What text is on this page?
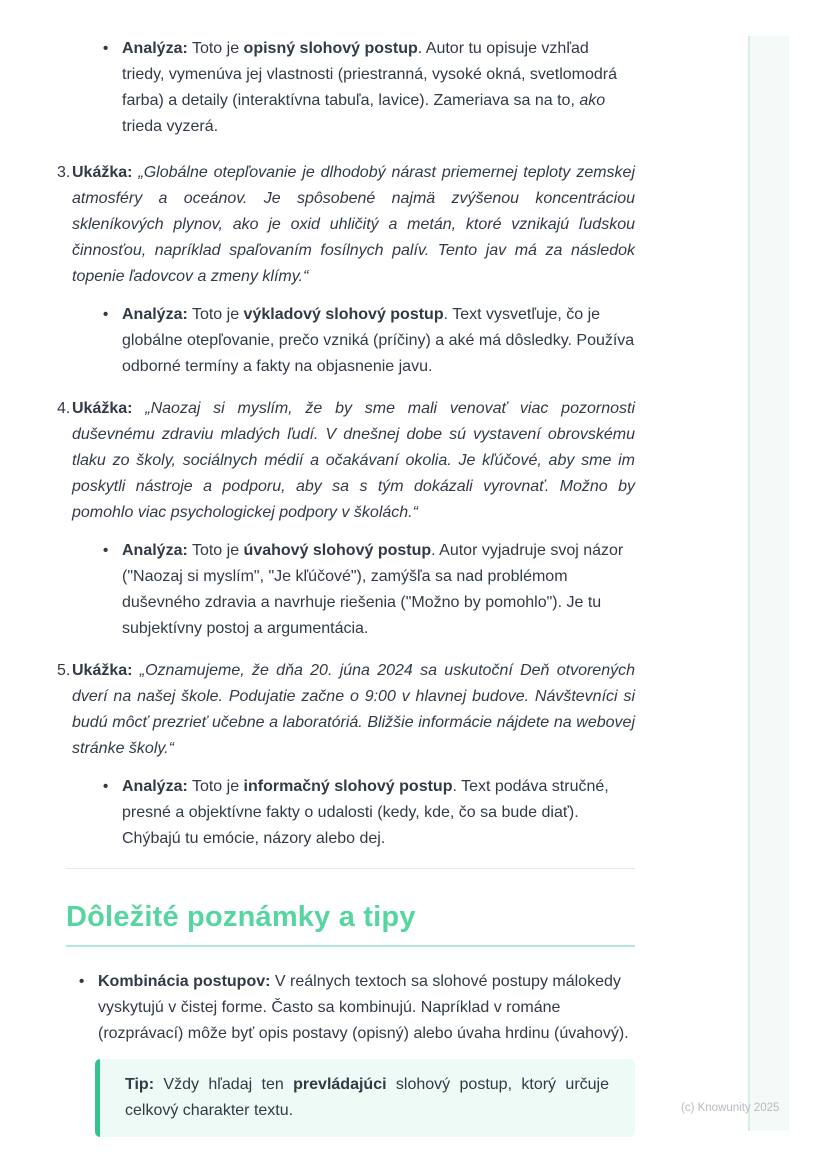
(c) Knowunity 2025
• Analýza: Toto je opisný slohový postup. Autor tu opisuje vzhľad triedy, vymenúva jej vlastnosti (priestranná, vysoké okná, svetlomodrá farba) a detaily (interaktívna tabuľa, lavice). Zameriava sa na to, ako trieda vyzerá.

3. Ukážka: „Globálne otepľovanie je dlhodobý nárast priemernej teploty zemskej atmosféry a oceánov. Je spôsobené najmä zvýšenou koncentráciou skleníkových plynov, ako je oxid uhličitý a metán, ktoré vznikajú ľudskou činnosťou, napríklad spaľovaním fosílnych palív. Tento jav má za následok topenie ľadovcov a zmeny klímy.“

• Analýza: Toto je výkladový slohový postup. Text vysvetľuje, čo je globálne otepľovanie, prečo vzniká (príčiny) a aké má dôsledky. Používa odborné termíny a fakty na objasnenie javu.

4. Ukážka: „Naozaj si myslím, že by sme mali venovať viac pozornosti duševnému zdraviu mladých ľudí. V dnešnej dobe sú vystavení obrovskému tlaku zo školy, sociálnych médií a očakávaní okolia. Je kľúčové, aby sme im poskytli nástroje a podporu, aby sa s tým dokázali vyrovnať. Možno by pomohlo viac psychologickej podpory v školách.“

• Analýza: Toto je úvahový slohový postup. Autor vyjadruje svoj názor ("Naozaj si myslím", "Je kľúčové"), zamýšľa sa nad problémom duševného zdravia a navrhuje riešenia ("Možno by pomohlo"). Je tu subjektívny postoj a argumentácia.

5. Ukážka: „Oznamujeme, že dňa 20. júna 2024 sa uskutoční Deň otvorených dverí na našej škole. Podujatie začne o 9:00 v hlavnej budove. Návštevníci si budú môcť prezrieť učebne a laboratóriá. Bližšie informácie nájdete na webovej stránke školy.“

• Analýza: Toto je informačný slohový postup. Text podáva stručné, presné a objektívne fakty o udalosti (kedy, kde, čo sa bude diať). Chýbajú tu emócie, názory alebo dej.

Dôležité poznámky a tipy
• Kombinácia postupov: V reálnych textoch sa slohové postupy málokedy vyskytujú v čistej forme. Často sa kombinujú. Napríklad v románe (rozprávací) môže byť opis postavy (opisný) alebo úvaha hrdinu (úvahový).

Tip: Vždy hľadaj ten prevládajúci slohový postup, ktorý určuje celkový charakter textu.
